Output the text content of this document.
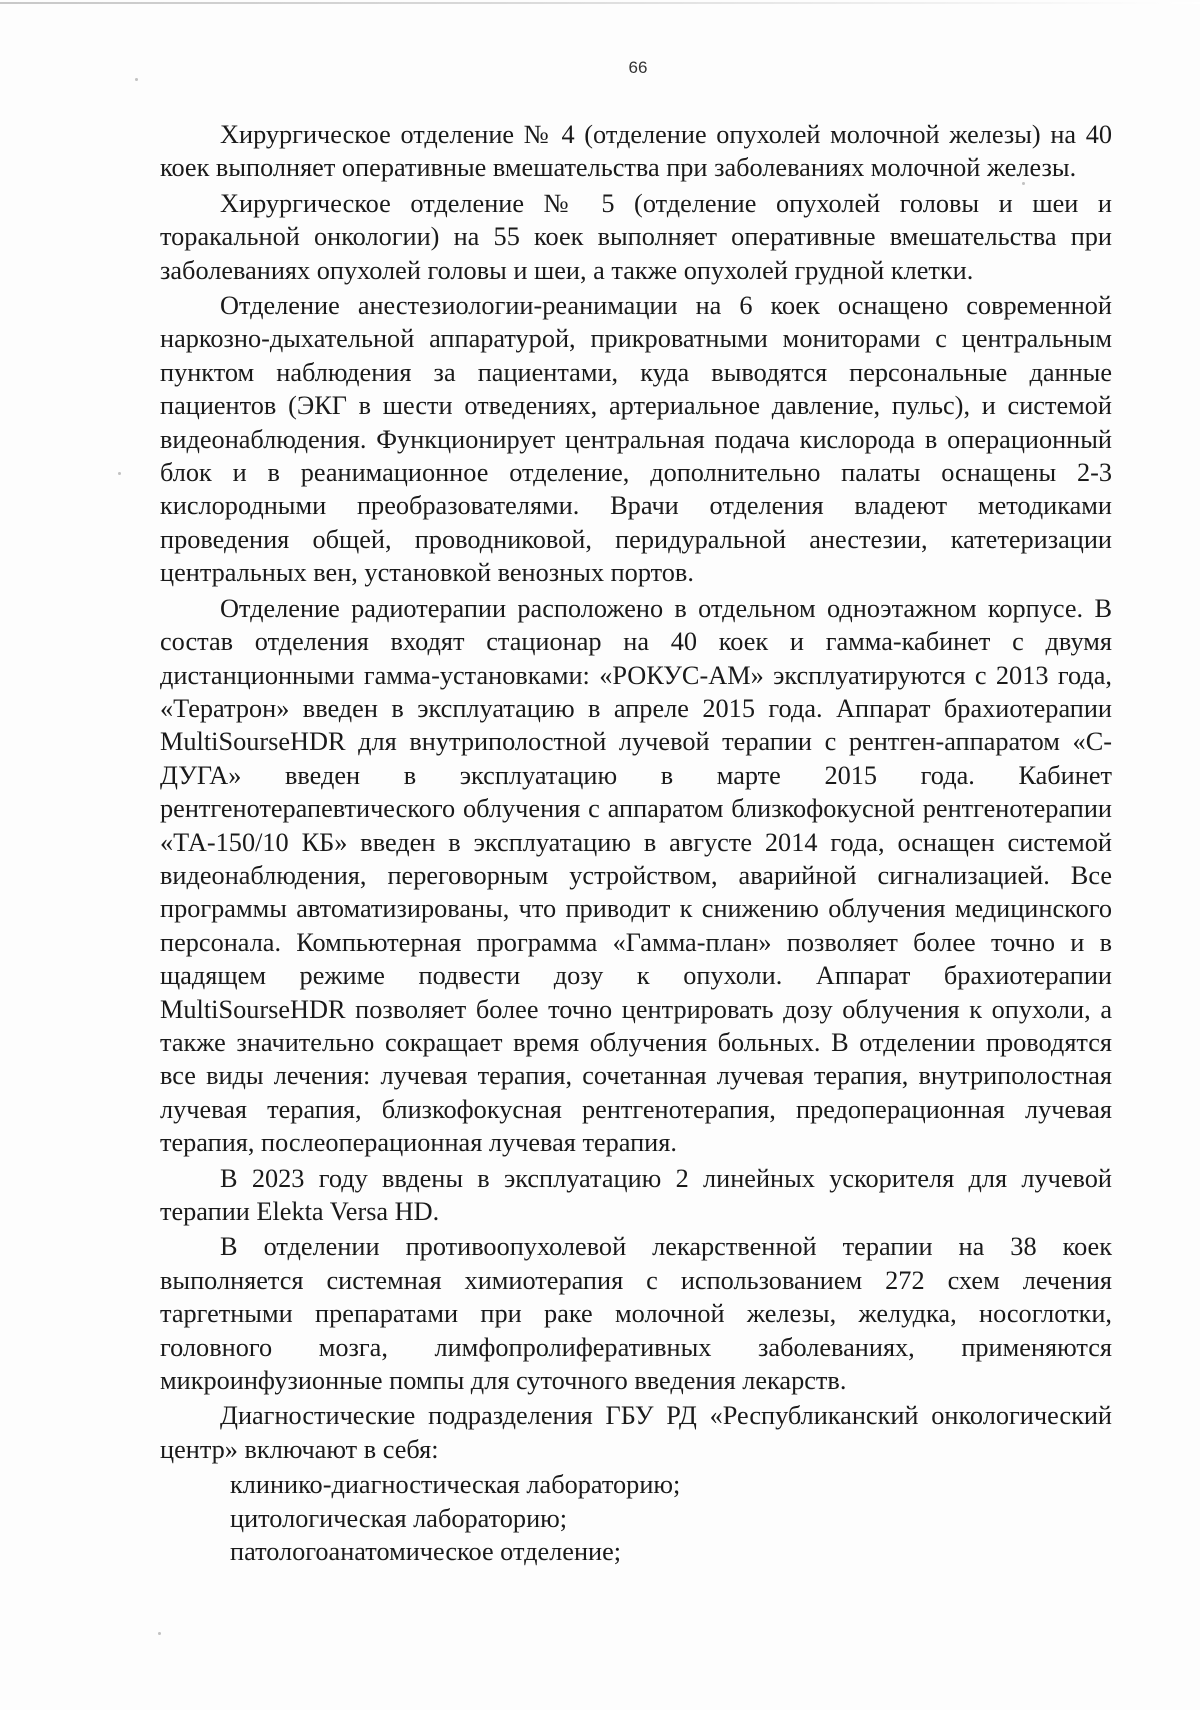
66

Хирургическое отделение № 4 (отделение опухолей молочной железы) на 40 коек выполняет оперативные вмешательства при заболеваниях молочной железы.

Хирургическое отделение № 5 (отделение опухолей головы и шеи и торакальной онкологии) на 55 коек выполняет оперативные вмешательства при заболеваниях опухолей головы и шеи, а также опухолей грудной клетки.

Отделение анестезиологии-реанимации на 6 коек оснащено современной наркозно-дыхательной аппаратурой, прикроватными мониторами с центральным пунктом наблюдения за пациентами, куда выводятся персональные данные пациентов (ЭКГ в шести отведениях, артериальное давление, пульс), и системой видеонаблюдения. Функционирует центральная подача кислорода в операционный блок и в реанимационное отделение, дополнительно палаты оснащены 2-3 кислородными преобразователями. Врачи отделения владеют методиками проведения общей, проводниковой, перидуральной анестезии, катетеризации центральных вен, установкой венозных портов.

Отделение радиотерапии расположено в отдельном одноэтажном корпусе. В состав отделения входят стационар на 40 коек и гамма-кабинет с двумя дистанционными гамма-установками: «РОКУС-АМ» эксплуатируются с 2013 года, «Тератрон» введен в эксплуатацию в апреле 2015 года. Аппарат брахиотерапии MultiSourseHDR для внутриполостной лучевой терапии с рентген-аппаратом «С-ДУГА» введен в эксплуатацию в марте 2015 года. Кабинет рентгенотерапевтического облучения с аппаратом близкофокусной рентгенотерапии «ТА-150/10 КБ» введен в эксплуатацию в августе 2014 года, оснащен системой видеонаблюдения, переговорным устройством, аварийной сигнализацией. Все программы автоматизированы, что приводит к снижению облучения медицинского персонала. Компьютерная программа «Гамма-план» позволяет более точно и в щадящем режиме подвести дозу к опухоли. Аппарат брахиотерапии MultiSourseHDR позволяет более точно центрировать дозу облучения к опухоли, а также значительно сокращает время облучения больных. В отделении проводятся все виды лечения: лучевая терапия, сочетанная лучевая терапия, внутриполостная лучевая терапия, близкофокусная рентгенотерапия, предоперационная лучевая терапия, послеоперационная лучевая терапия.

В 2023 году ввдены в эксплуатацию 2 линейных ускорителя для лучевой терапии Elekta Versa HD.

В отделении противоопухолевой лекарственной терапии на 38 коек выполняется системная химиотерапия с использованием 272 схем лечения таргетными препаратами при раке молочной железы, желудка, носоглотки, головного мозга, лимфопролиферативных заболеваниях, применяются микроинфузионные помпы для суточного введения лекарств.

Диагностические подразделения ГБУ РД «Республиканский онкологический центр» включают в себя:

клинико-диагностическая лабораторию;

цитологическая лабораторию;

патологоанатомическое отделение;
